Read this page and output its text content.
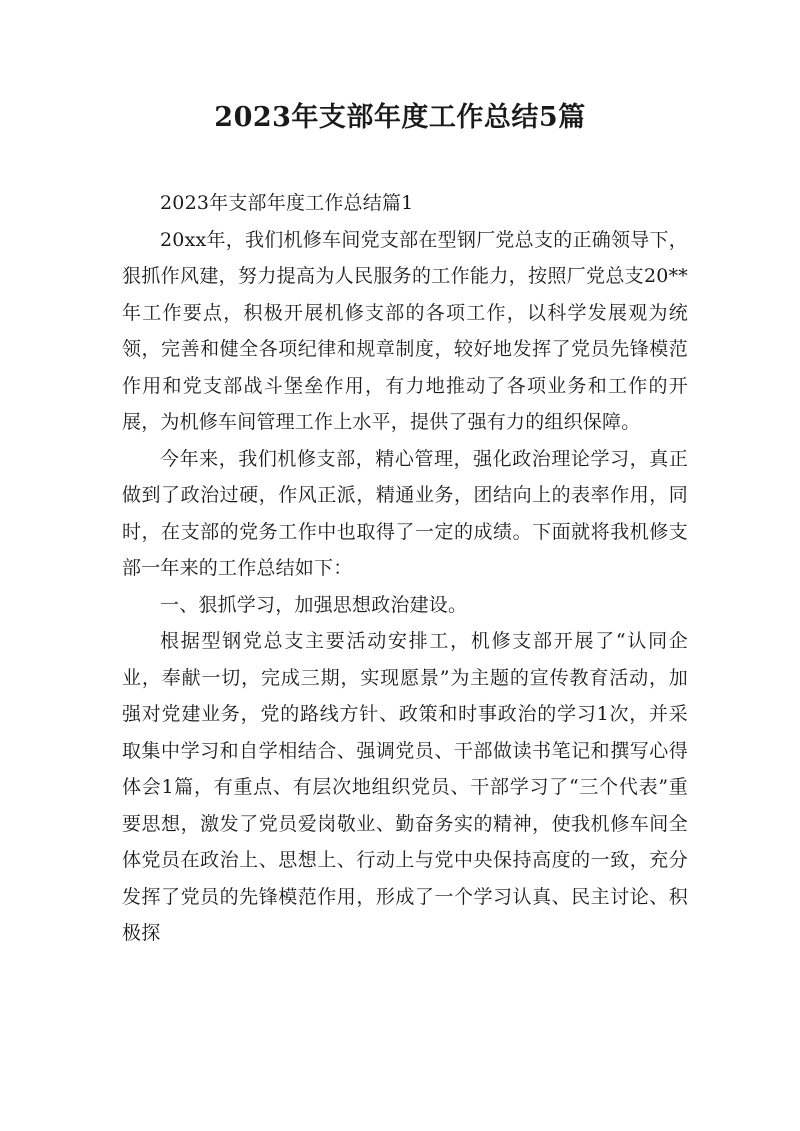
2023年支部年度工作总结5篇

2023年支部年度工作总结篇1

20xx年，我们机修车间党支部在型钢厂党总支的正确领导下，狠抓作风建，努力提高为人民服务的工作能力，按照厂党总支20**年工作要点，积极开展机修支部的各项工作，以科学发展观为统领，完善和健全各项纪律和规章制度，较好地发挥了党员先锋模范作用和党支部战斗堡垒作用，有力地推动了各项业务和工作的开展，为机修车间管理工作上水平，提供了强有力的组织保障。

今年来，我们机修支部，精心管理，强化政治理论学习，真正做到了政治过硬，作风正派，精通业务，团结向上的表率作用，同时，在支部的党务工作中也取得了一定的成绩。下面就将我机修支部一年来的工作总结如下：

一、狠抓学习，加强思想政治建设。

根据型钢党总支主要活动安排工，机修支部开展了“认同企业，奉献一切，完成三期，实现愿景”为主题的宣传教育活动，加强对党建业务，党的路线方针、政策和时事政治的学习1次，并采取集中学习和自学相结合、强调党员、干部做读书笔记和撰写心得体会1篇，有重点、有层次地组织党员、干部学习了“三个代表”重要思想，激发了党员爱岗敬业、勤奋务实的精神，使我机修车间全体党员在政治上、思想上、行动上与党中央保持高度的一致，充分发挥了党员的先锋模范作用，形成了一个学习认真、民主讨论、积极探
